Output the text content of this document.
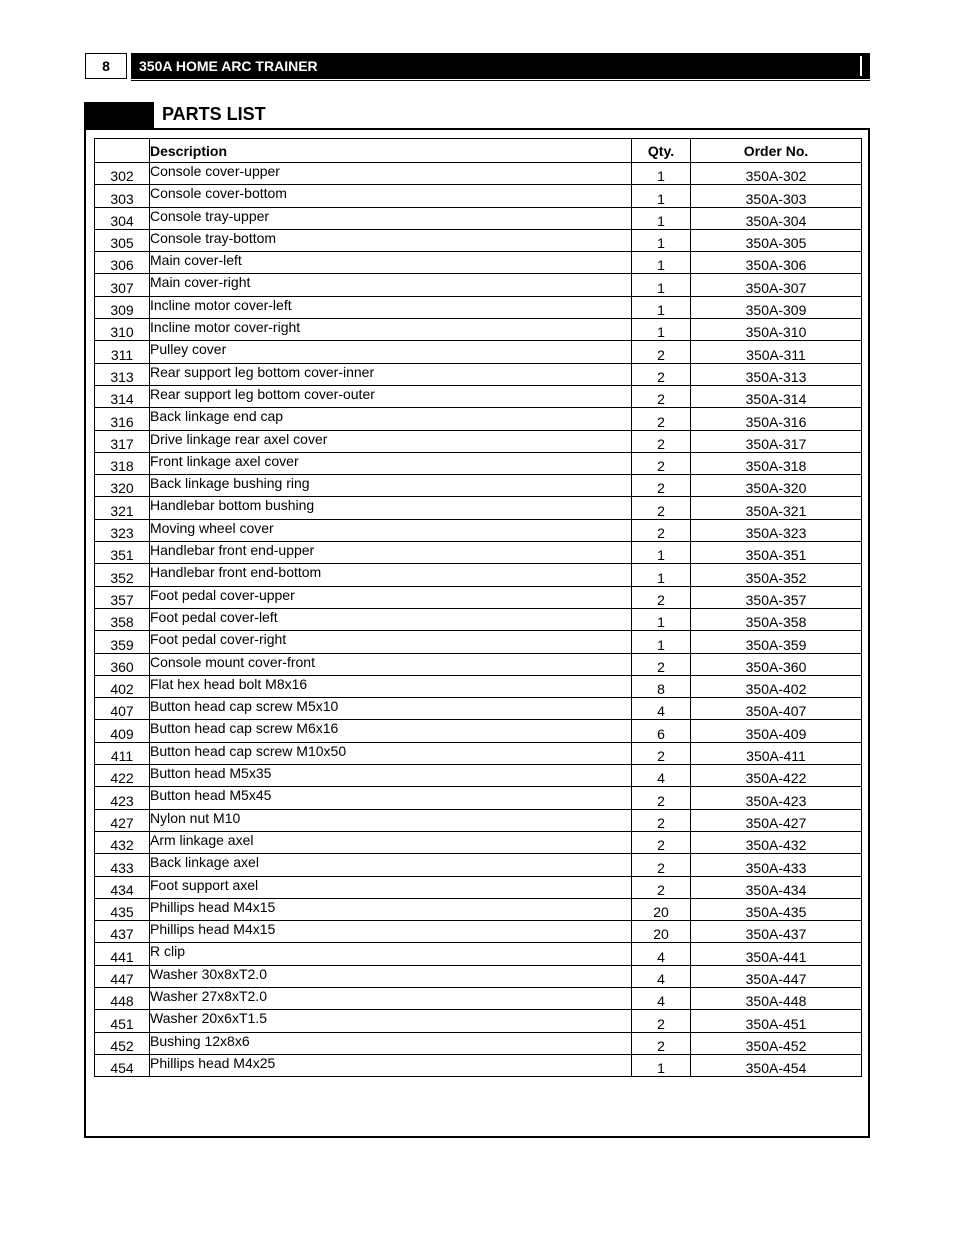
8	350A HOME ARC TRAINER
PARTS LIST
	Description	Qty.	Order No.
302	Console cover-upper	1	350A-302
303	Console cover-bottom	1	350A-303
304	Console tray-upper	1	350A-304
305	Console tray-bottom	1	350A-305
306	Main cover-left	1	350A-306
307	Main cover-right	1	350A-307
309	Incline motor cover-left	1	350A-309
310	Incline motor cover-right	1	350A-310
311	Pulley cover	2	350A-311
313	Rear support leg bottom cover-inner	2	350A-313
314	Rear support leg bottom cover-outer	2	350A-314
316	Back linkage end cap	2	350A-316
317	Drive linkage rear axel cover	2	350A-317
318	Front linkage axel cover	2	350A-318
320	Back linkage bushing ring	2	350A-320
321	Handlebar bottom bushing	2	350A-321
323	Moving wheel cover	2	350A-323
351	Handlebar front end-upper	1	350A-351
352	Handlebar front end-bottom	1	350A-352
357	Foot pedal cover-upper	2	350A-357
358	Foot pedal cover-left	1	350A-358
359	Foot pedal cover-right	1	350A-359
360	Console mount cover-front	2	350A-360
402	Flat hex head bolt M8x16	8	350A-402
407	Button head cap screw M5x10	4	350A-407
409	Button head cap screw M6x16	6	350A-409
411	Button head cap screw M10x50	2	350A-411
422	Button head M5x35	4	350A-422
423	Button head M5x45	2	350A-423
427	Nylon nut M10	2	350A-427
432	Arm linkage axel	2	350A-432
433	Back linkage axel	2	350A-433
434	Foot support axel	2	350A-434
435	Phillips head M4x15	20	350A-435
437	Phillips head M4x15	20	350A-437
441	R clip	4	350A-441
447	Washer 30x8xT2.0	4	350A-447
448	Washer 27x8xT2.0	4	350A-448
451	Washer 20x6xT1.5	2	350A-451
452	Bushing 12x8x6	2	350A-452
454	Phillips head M4x25	1	350A-454
